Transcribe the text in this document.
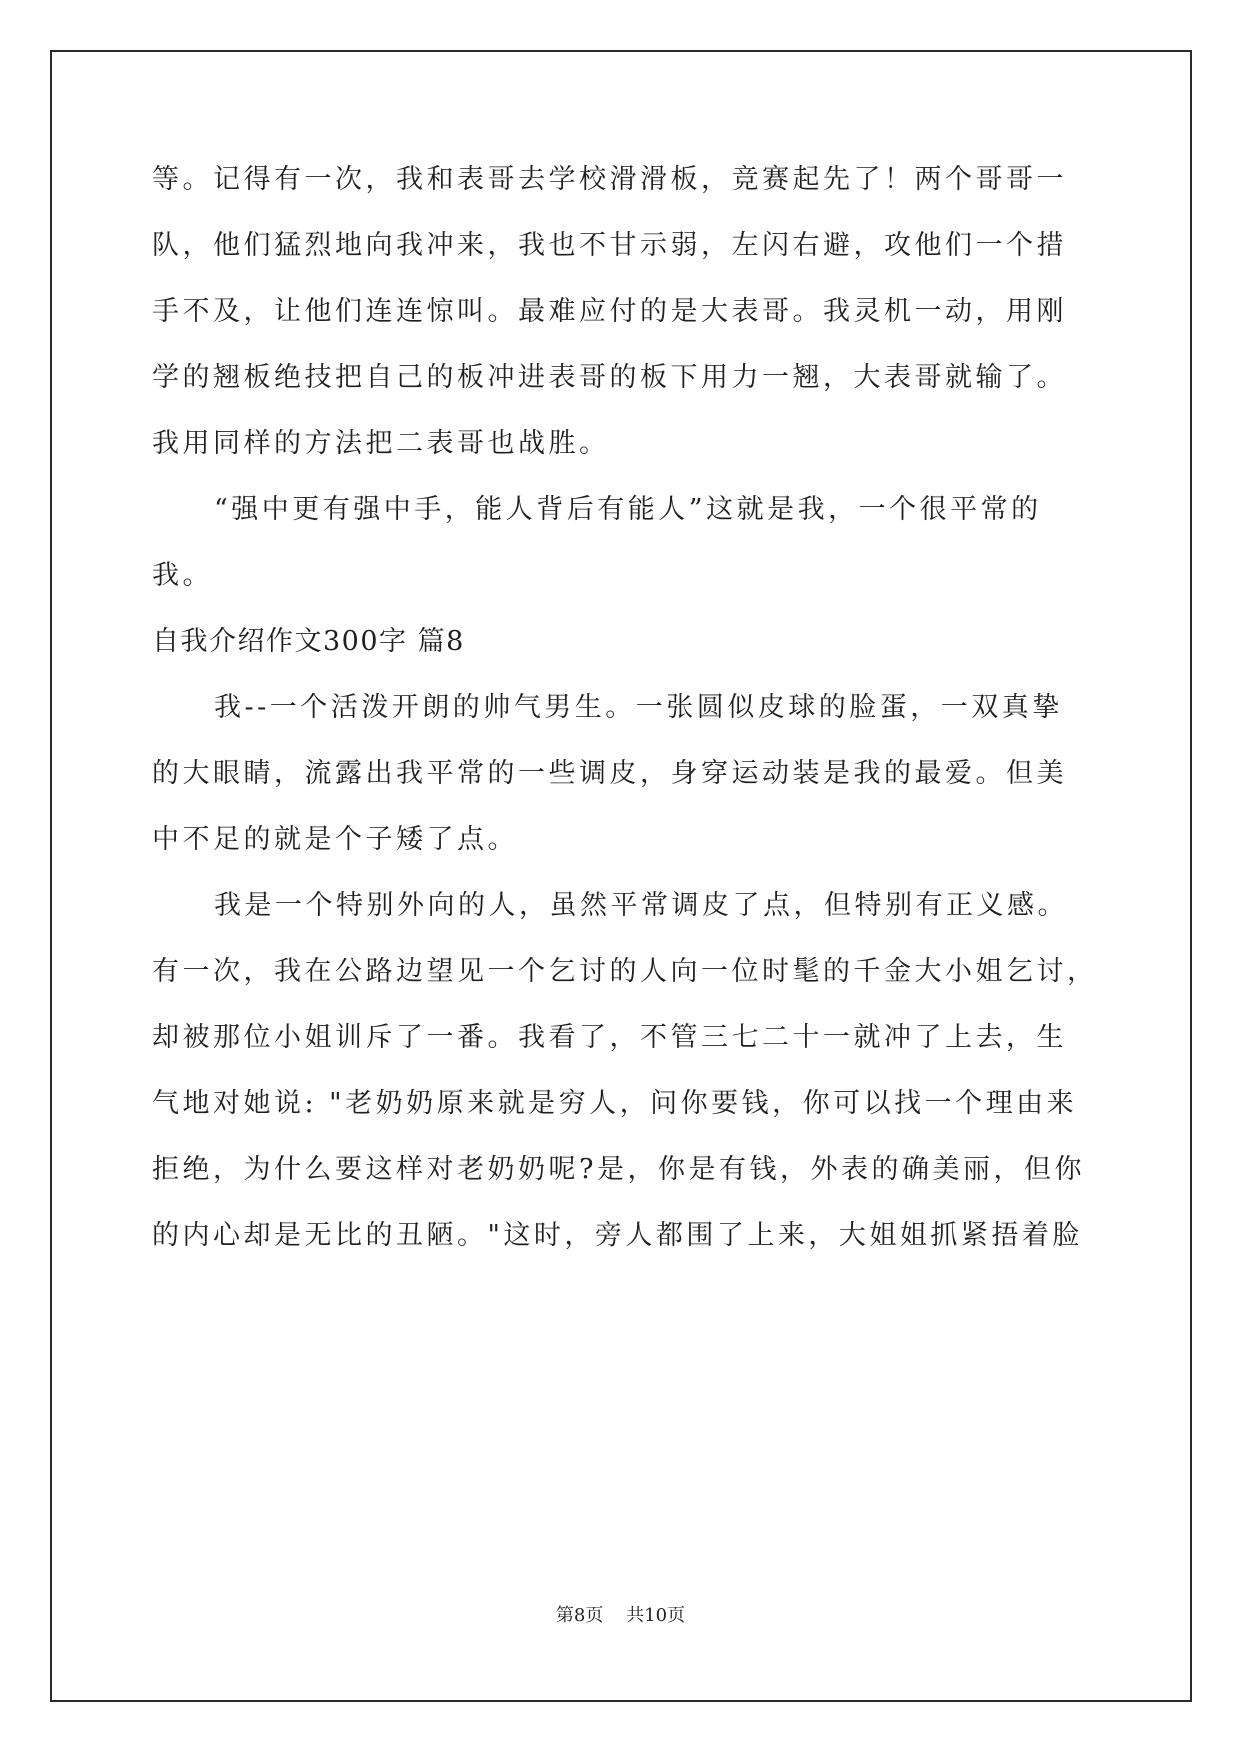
等。记得有一次，我和表哥去学校滑滑板，竞赛起先了！两个哥哥一
队，他们猛烈地向我冲来，我也不甘示弱，左闪右避，攻他们一个措
手不及，让他们连连惊叫。最难应付的是大表哥。我灵机一动，用刚
学的翘板绝技把自己的板冲进表哥的板下用力一翘，大表哥就输了。
我用同样的方法把二表哥也战胜。
“强中更有强中手，能人背后有能人”这就是我，一个很平常的
我。
自我介绍作文300字 篇8
我--一个活泼开朗的帅气男生。一张圆似皮球的脸蛋，一双真挚
的大眼睛，流露出我平常的一些调皮，身穿运动装是我的最爱。但美
中不足的就是个子矮了点。
我是一个特别外向的人，虽然平常调皮了点，但特别有正义感。
有一次，我在公路边望见一个乞讨的人向一位时髦的千金大小姐乞讨，
却被那位小姐训斥了一番。我看了，不管三七二十一就冲了上去，生
气地对她说: "老奶奶原来就是穷人，问你要钱，你可以找一个理由来
拒绝，为什么要这样对老奶奶呢?是，你是有钱，外表的确美丽，但你
的内心却是无比的丑陋。"这时，旁人都围了上来，大姐姐抓紧捂着脸
第8页    共10页
